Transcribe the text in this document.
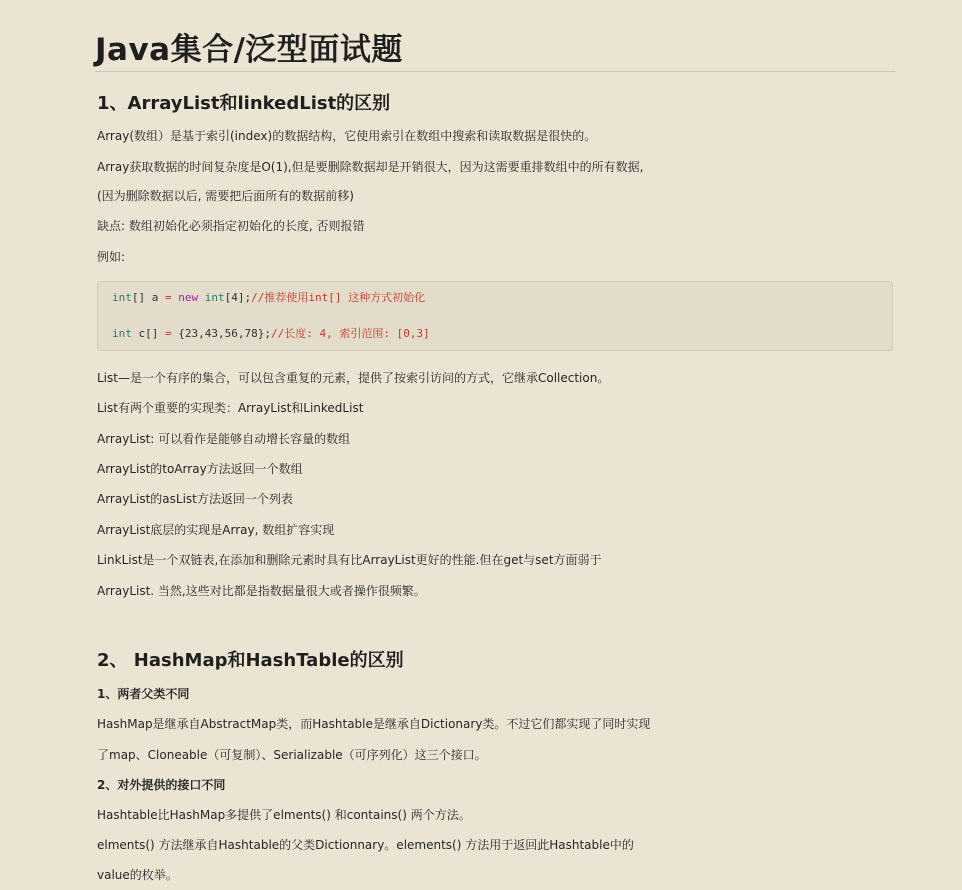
Java集合/泛型面试题
1、ArrayList和linkedList的区别

Array(数组）是基于索引(index)的数据结构，它使用索引在数组中搜索和读取数据是很快的。

Array获取数据的时间复杂度是O(1),但是要删除数据却是开销很大，因为这需要重排数组中的所有数据,

(因为删除数据以后, 需要把后面所有的数据前移)

缺点: 数组初始化必须指定初始化的长度, 否则报错

例如:

int[] a = new int[4];//推荐使用int[] 这种方式初始化

int c[] = {23,43,56,78};//长度: 4, 索引范围: [0,3]

List—是一个有序的集合，可以包含重复的元素，提供了按索引访问的方式，它继承Collection。

List有两个重要的实现类：ArrayList和LinkedList

ArrayList: 可以看作是能够自动增长容量的数组

ArrayList的toArray方法返回一个数组

ArrayList的asList方法返回一个列表

ArrayList底层的实现是Array, 数组扩容实现

LinkList是一个双链表,在添加和删除元素时具有比ArrayList更好的性能.但在get与set方面弱于

ArrayList. 当然,这些对比都是指数据量很大或者操作很频繁。

2、 HashMap和HashTable的区别

1、两者父类不同

HashMap是继承自AbstractMap类，而Hashtable是继承自Dictionary类。不过它们都实现了同时实现

了map、Cloneable（可复制）、Serializable（可序列化）这三个接口。

2、对外提供的接口不同

Hashtable比HashMap多提供了elments() 和contains() 两个方法。

elments() 方法继承自Hashtable的父类Dictionnary。elements() 方法用于返回此Hashtable中的

value的枚举。
